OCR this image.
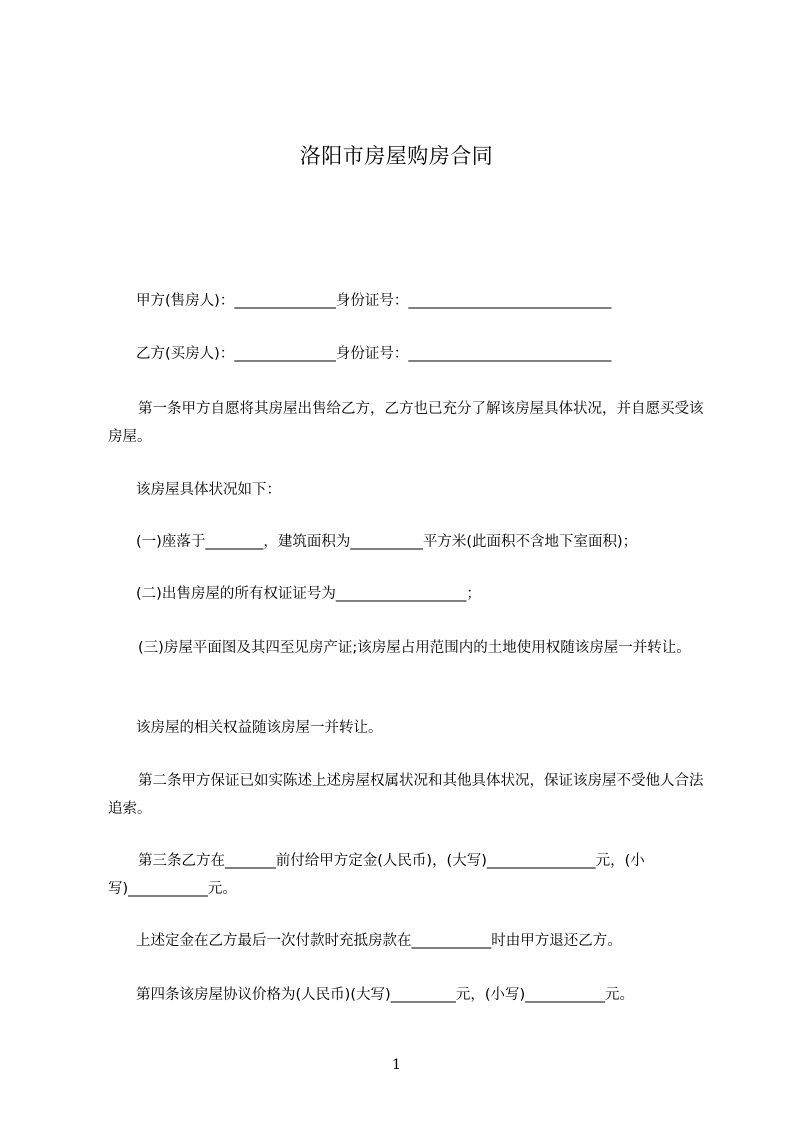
洛阳市房屋购房合同
甲方(售房人)：______________身份证号：____________________________
乙方(买房人)：______________身份证号：____________________________
第一条甲方自愿将其房屋出售给乙方，乙方也已充分了解该房屋具体状况，并自愿买受该房屋。
该房屋具体状况如下：
(一)座落于________，建筑面积为__________平方米(此面积不含地下室面积)；
(二)出售房屋的所有权证证号为__________________；
(三)房屋平面图及其四至见房产证;该房屋占用范围内的土地使用权随该房屋一并转让。
该房屋的相关权益随该房屋一并转让。
第二条甲方保证已如实陈述上述房屋权属状况和其他具体状况，保证该房屋不受他人合法追索。
第三条乙方在_______前付给甲方定金(人民币)，(大写)_______________元，(小写)___________元。
上述定金在乙方最后一次付款时充抵房款在___________时由甲方退还乙方。
第四条该房屋协议价格为(人民币)(大写)_________元，(小写)___________元。
1
